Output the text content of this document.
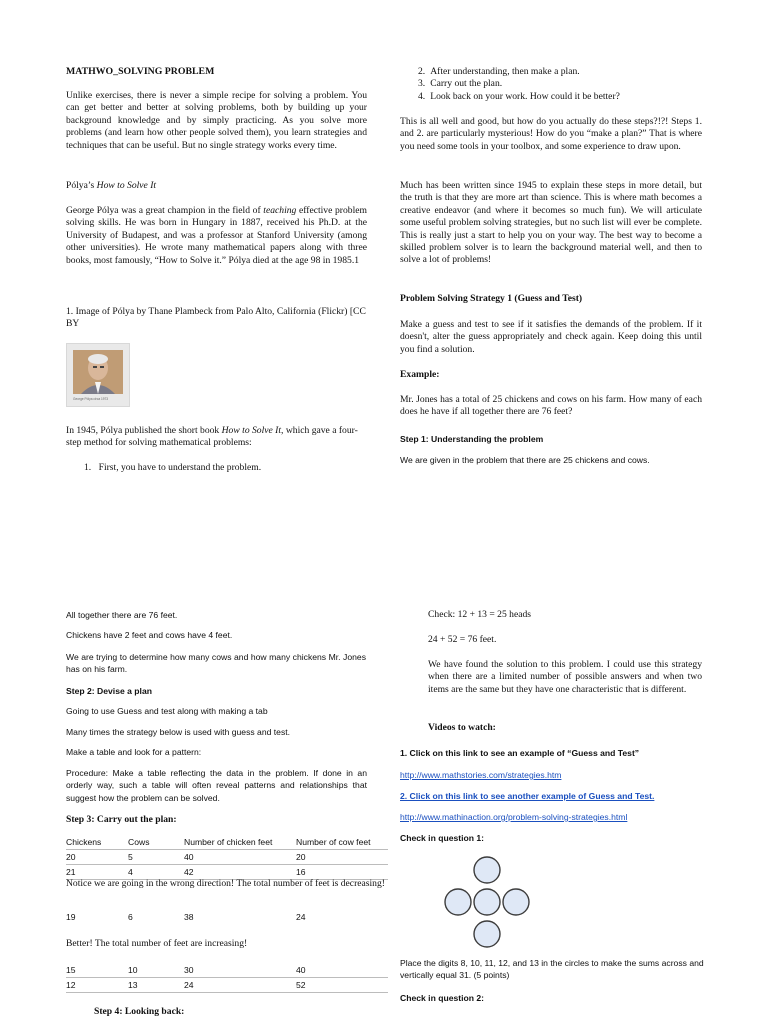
MATHWO_SOLVING PROBLEM

Unlike exercises, there is never a simple recipe for solving a problem. You can get better and better at solving problems, both by building up your background knowledge and by simply practicing. As you solve more problems (and learn how other people solved them), you learn strategies and techniques that can be useful. But no single strategy works every time.

Pólya’s How to Solve It

George Pólya was a great champion in the field of teaching effective problem solving skills. He was born in Hungary in 1887, received his Ph.D. at the University of Budapest, and was a professor at Stanford University (among other universities). He wrote many mathematical papers along with three books, most famously, “How to Solve it.” Pólya died at the age 98 in 1985.1

1. Image of Pólya by Thane Plambeck from Palo Alto, California (Flickr) [CC BY

George Pólya circa 1973

In 1945, Pólya published the short book How to Solve It, which gave a four-step method for solving mathematical problems:

1. First, you have to understand the problem.
2. After understanding, then make a plan.
3. Carry out the plan.
4. Look back on your work. How could it be better?

This is all well and good, but how do you actually do these steps?!?! Steps 1. and 2. are particularly mysterious! How do you “make a plan?” That is where you need some tools in your toolbox, and some experience to draw upon.

Much has been written since 1945 to explain these steps in more detail, but the truth is that they are more art than science. This is where math becomes a creative endeavor (and where it becomes so much fun). We will articulate some useful problem solving strategies, but no such list will ever be complete. This is really just a start to help you on your way. The best way to become a skilled problem solver is to learn the background material well, and then to solve a lot of problems!

Problem Solving Strategy 1 (Guess and Test)

Make a guess and test to see if it satisfies the demands of the problem. If it doesn't, alter the guess appropriately and check again. Keep doing this until you find a solution.

Example:

Mr. Jones has a total of 25 chickens and cows on his farm. How many of each does he have if all together there are 76 feet?

Step 1: Understanding the problem

We are given in the problem that there are 25 chickens and cows.

All together there are 76 feet.

Chickens have 2 feet and cows have 4 feet.

We are trying to determine how many cows and how many chickens Mr. Jones has on his farm.

Step 2: Devise a plan

Going to use Guess and test along with making a tab

Many times the strategy below is used with guess and test.

Make a table and look for a pattern:

Procedure: Make a table reflecting the data in the problem. If done in an orderly way, such a table will often reveal patterns and relationships that suggest how the problem can be solved.

Step 3: Carry out the plan:

Chickens	Cows	Number of chicken feet	Number of cow feet
20	5	40	20
21	4	42	16

Notice we are going in the wrong direction! The total number of feet is decreasing!

19	6	38	24

Better! The total number of feet are increasing!

15	10	30	40
12	13	24	52

Step 4: Looking back:

Check: 12 + 13 = 25 heads

24 + 52 = 76 feet.

We have found the solution to this problem. I could use this strategy when there are a limited number of possible answers and when two items are the same but they have one characteristic that is different.

Videos to watch:

1. Click on this link to see an example of “Guess and Test”

http://www.mathstories.com/strategies.htm
2. Click on this link to see another example of Guess and Test.
http://www.mathinaction.org/problem-solving-strategies.html

Check in question 1:

Place the digits 8, 10, 11, 12, and 13 in the circles to make the sums across and vertically equal 31. (5 points)

Check in question 2:
